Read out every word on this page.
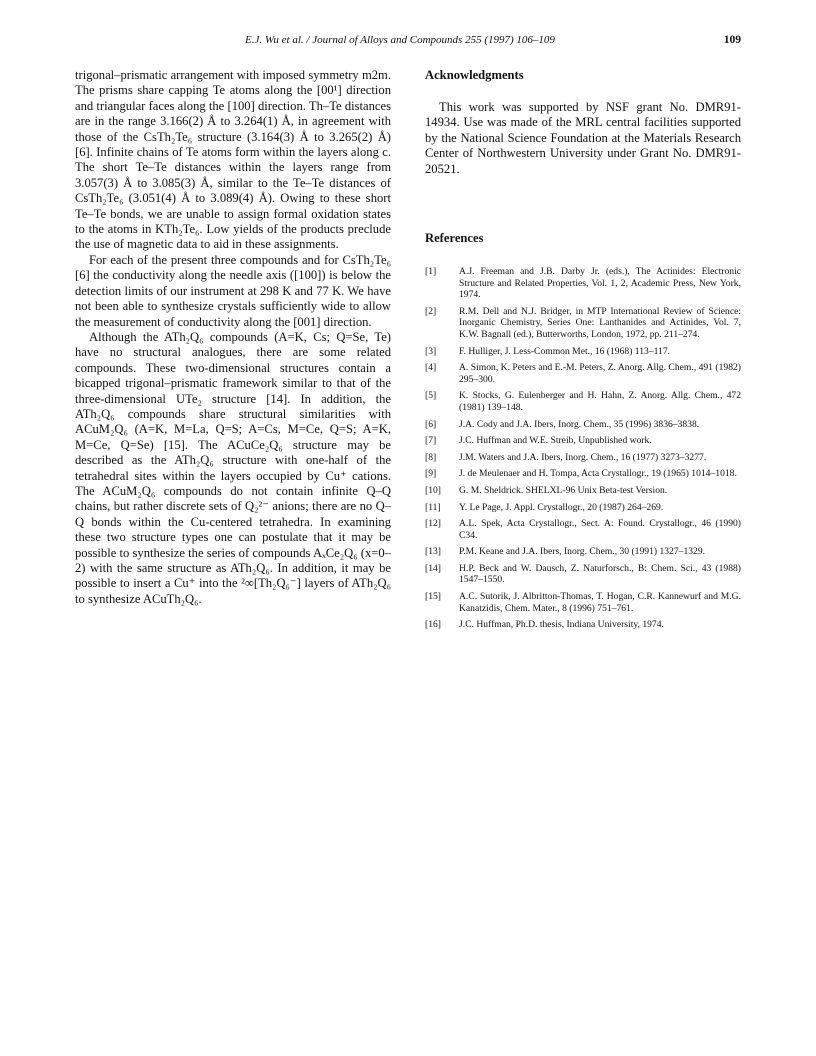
E.J. Wu et al. / Journal of Alloys and Compounds 255 (1997) 106–109	109

trigonal–prismatic arrangement with imposed symmetry m2m. The prisms share capping Te atoms along the [00¹] direction and triangular faces along the [100] direction. Th–Te distances are in the range 3.166(2) Å to 3.264(1) Å, in agreement with those of the CsTh₂Te₆ structure (3.164(3) Å to 3.265(2) Å) [6]. Infinite chains of Te atoms form within the layers along c. The short Te–Te distances within the layers range from 3.057(3) Å to 3.085(3) Å, similar to the Te–Te distances of CsTh₂Te₆ (3.051(4) Å to 3.089(4) Å). Owing to these short Te–Te bonds, we are unable to assign formal oxidation states to the atoms in KTh₂Te₆. Low yields of the products preclude the use of magnetic data to aid in these assignments.

For each of the present three compounds and for CsTh₂Te₆ [6] the conductivity along the needle axis ([100]) is below the detection limits of our instrument at 298 K and 77 K. We have not been able to synthesize crystals sufficiently wide to allow the measurement of conductivity along the [001] direction.

Although the ATh₂Q₆ compounds (A=K, Cs; Q=Se, Te) have no structural analogues, there are some related compounds. These two-dimensional structures contain a bicapped trigonal–prismatic framework similar to that of the three-dimensional UTe₂ structure [14]. In addition, the ATh₂Q₆ compounds share structural similarities with ACuM₂Q₆ (A=K, M=La, Q=S; A=Cs, M=Ce, Q=S; A=K, M=Ce, Q=Se) [15]. The ACuCe₂Q₆ structure may be described as the ATh₂Q₆ structure with one-half of the tetrahedral sites within the layers occupied by Cu⁺ cations. The ACuM₂Q₆ compounds do not contain infinite Q–Q chains, but rather discrete sets of Q₂²⁻ anions; there are no Q–Q bonds within the Cu-centered tetrahedra. In examining these two structure types one can postulate that it may be possible to synthesize the series of compounds AₓCe₂Q₆ (x=0–2) with the same structure as ATh₂Q₆. In addition, it may be possible to insert a Cu⁺ into the ²∞[Th₂Q₆⁻] layers of ATh₂Q₆ to synthesize ACuTh₂Q₆.

Acknowledgments

This work was supported by NSF grant No. DMR91-14934. Use was made of the MRL central facilities supported by the National Science Foundation at the Materials Research Center of Northwestern University under Grant No. DMR91-20521.

References
[1] A.J. Freeman and J.B. Darby Jr. (eds.), The Actinides: Electronic Structure and Related Properties, Vol. 1, 2, Academic Press, New York, 1974.
[2] R.M. Dell and N.J. Bridger, in MTP International Review of Science: Inorganic Chemistry, Series One: Lanthanides and Actinides, Vol. 7, K.W. Bagnall (ed.), Butterworths, London, 1972, pp. 211–274.
[3] F. Hulliger, J. Less-Common Met., 16 (1968) 113–117.
[4] A. Simon, K. Peters and E.-M. Peters, Z. Anorg. Allg. Chem., 491 (1982) 295–300.
[5] K. Stocks, G. Eulenberger and H. Hahn, Z. Anorg. Allg. Chem., 472 (1981) 139–148.
[6] J.A. Cody and J.A. Ibers, Inorg. Chem., 35 (1996) 3836–3838.
[7] J.C. Huffman and W.E. Streib, Unpublished work.
[8] J.M. Waters and J.A. Ibers, Inorg. Chem., 16 (1977) 3273–3277.
[9] J. de Meulenaer and H. Tompa, Acta Crystallogr., 19 (1965) 1014–1018.
[10] G. M. Sheldrick. SHELXL-96 Unix Beta-test Version.
[11] Y. Le Page, J. Appl. Crystallogr., 20 (1987) 264–269.
[12] A.L. Spek, Acta Crystallogr., Sect. A: Found. Crystallogr., 46 (1990) C34.
[13] P.M. Keane and J.A. Ibers, Inorg. Chem., 30 (1991) 1327–1329.
[14] H.P. Beck and W. Dausch, Z. Naturforsch., B: Chem. Sci., 43 (1988) 1547–1550.
[15] A.C. Sutorik, J. Albritton-Thomas, T. Hogan, C.R. Kannewurf and M.G. Kanatzidis, Chem. Mater., 8 (1996) 751–761.
[16] J.C. Huffman, Ph.D. thesis, Indiana University, 1974.
